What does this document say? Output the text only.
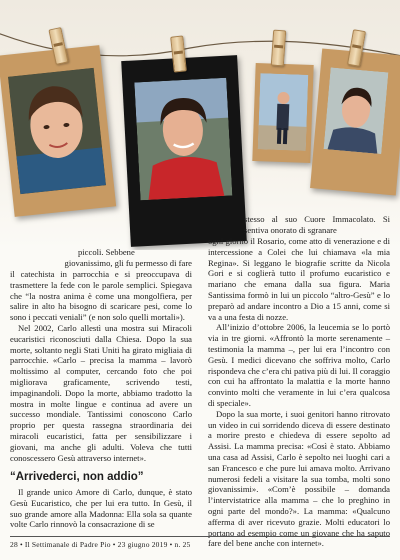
piccoli. Sebbene
giovanissimo, gli fu permesso di fare

il catechista in parrocchia e si preoccupava di trasmettere la fede con le parole semplici. Spiegava che “la nostra anima è come una mongolfiera, per salire in alto ha bisogno di scaricare pesi, come lo sono i peccati veniali” (e non solo quelli mortali»).

Nel 2002, Carlo allestì una mostra sui Miracoli eucaristici riconosciuti dalla Chiesa. Dopo la sua morte, soltanto negli Stati Uniti ha girato migliaia di parrocchie. «Carlo – precisa la mamma – lavorò moltissimo al computer, cercando foto che poi migliorava graficamente, scrivendo testi, impaginandoli. Dopo la morte, abbiamo tradotto la mostra in molte lingue e continua ad avere un successo mondiale. Tantissimi conoscono Carlo proprio per questa rassegna straordinaria dei miracoli eucaristici, fatta per sensibilizzare i giovani, ma anche gli adulti. Voleva che tutti conoscessero Gesù attraverso internet».

“Arrivederci, non addio”

Il grande unico Amore di Carlo, dunque, è stato Gesù Eucaristico, che per lui era tutto. In Gesù, il suo grande amore alla Madonna: Ella sola sa quante volte Carlo rinnovò la consacrazione di se

stesso al suo Cuore Immacolato. Si sentiva onorato di sgranare

ogni giorno il Rosario, come atto di venerazione e di intercessione a Colei che lui chiamava «la mia Regina». Si leggano le biografie scritte da Nicola Gori e si coglierà tutto il profumo eucaristico e mariano che emana dalla sua figura. Maria Santissima formò in lui un piccolo “altro-Gesù” e lo preparò ad andare incontro a Dio a 15 anni, come si va a una festa di nozze.

All’inizio d’ottobre 2006, la leucemia se lo portò via in tre giorni. «Affrontò la morte serenamente – testimonia la mamma –, per lui era l’incontro con Gesù. I medici dicevano che soffriva molto, Carlo rispondeva che c’era chi pativa più di lui. Il coraggio con cui ha affrontato la malattia e la morte hanno convinto molti che veramente in lui c’era qualcosa di speciale».

Dopo la sua morte, i suoi genitori hanno ritrovato un video in cui sorridendo diceva di essere destinato a morire presto e chiedeva di essere sepolto ad Assisi. La mamma precisa: «Così è stato. Abbiamo una casa ad Assisi, Carlo è sepolto nei luoghi cari a san Francesco e che pure lui amava molto. Arrivano numerosi fedeli a visitare la sua tomba, molti sono giovanissimi». «Com’è possibile – domanda l’intervistatrice alla mamma – che lo preghino in ogni parte del mondo?». La mamma: «Qualcuno afferma di aver ricevuto grazie. Molti educatori lo portano ad esempio come un giovane che ha saputo fare del bene anche con internet».

28 • Il Settimanale di Padre Pio • 23 giugno 2019 • n. 25
